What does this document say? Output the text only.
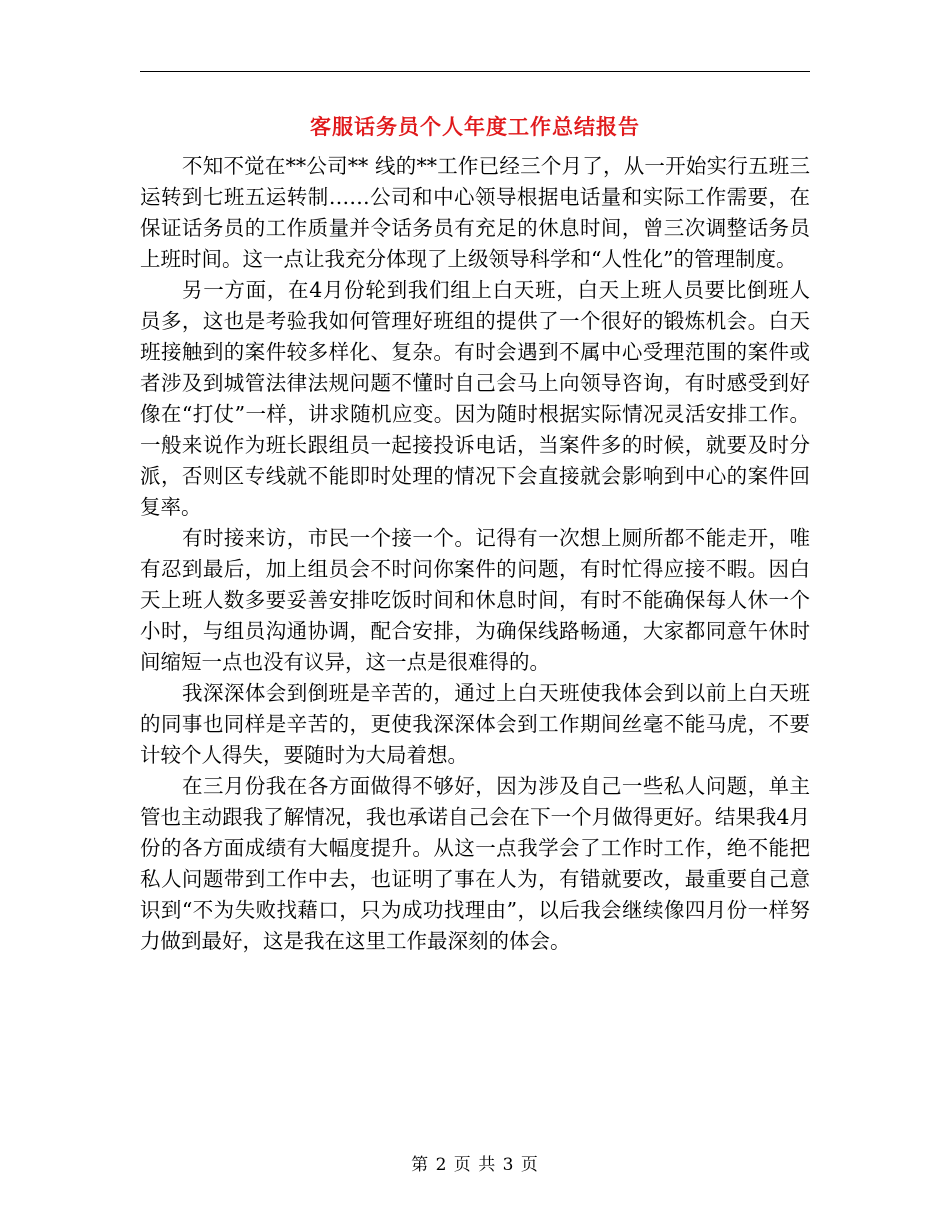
客服话务员个人年度工作总结报告

不知不觉在**公司** 线的**工作已经三个月了，从一开始实行五班三运转到七班五运转制……公司和中心领导根据电话量和实际工作需要，在保证话务员的工作质量并令话务员有充足的休息时间，曾三次调整话务员上班时间。这一点让我充分体现了上级领导科学和“人性化”的管理制度。

另一方面，在4月份轮到我们组上白天班，白天上班人员要比倒班人员多，这也是考验我如何管理好班组的提供了一个很好的锻炼机会。白天班接触到的案件较多样化、复杂。有时会遇到不属中心受理范围的案件或者涉及到城管法律法规问题不懂时自己会马上向领导咨询，有时感受到好像在“打仗”一样，讲求随机应变。因为随时根据实际情况灵活安排工作。一般来说作为班长跟组员一起接投诉电话，当案件多的时候，就要及时分派，否则区专线就不能即时处理的情况下会直接就会影响到中心的案件回复率。

有时接来访，市民一个接一个。记得有一次想上厕所都不能走开，唯有忍到最后，加上组员会不时问你案件的问题，有时忙得应接不暇。因白天上班人数多要妥善安排吃饭时间和休息时间，有时不能确保每人休一个小时，与组员沟通协调，配合安排，为确保线路畅通，大家都同意午休时间缩短一点也没有议异，这一点是很难得的。

我深深体会到倒班是辛苦的，通过上白天班使我体会到以前上白天班的同事也同样是辛苦的，更使我深深体会到工作期间丝毫不能马虎，不要计较个人得失，要随时为大局着想。

在三月份我在各方面做得不够好，因为涉及自己一些私人问题，单主管也主动跟我了解情况，我也承诺自己会在下一个月做得更好。结果我4月份的各方面成绩有大幅度提升。从这一点我学会了工作时工作，绝不能把私人问题带到工作中去，也证明了事在人为，有错就要改，最重要自己意识到“不为失败找藉口，只为成功找理由”，以后我会继续像四月份一样努力做到最好，这是我在这里工作最深刻的体会。

第 2 页 共 3 页
